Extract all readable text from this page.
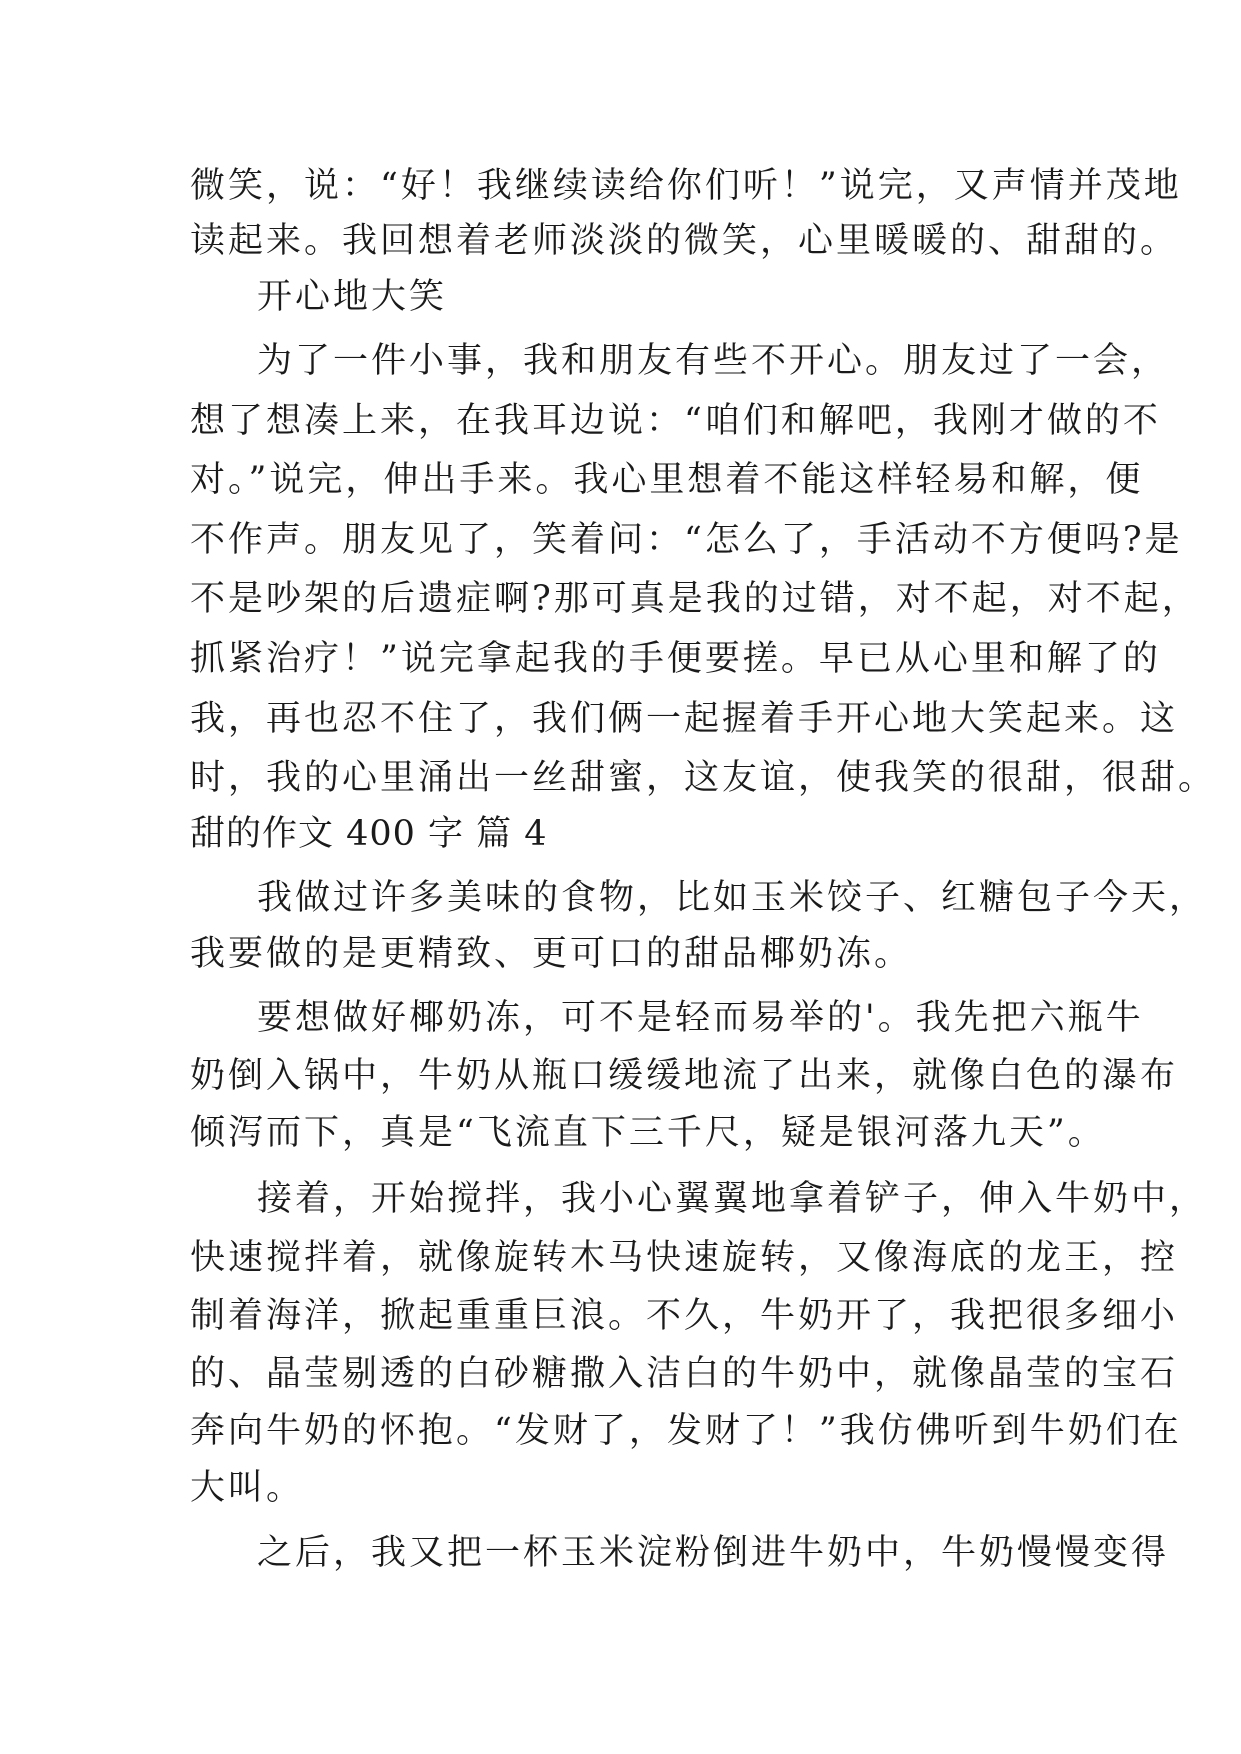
微笑，说：“好！我继续读给你们听！”说完，又声情并茂地
读起来。我回想着老师淡淡的微笑，心里暖暖的、甜甜的。
开心地大笑
为了一件小事，我和朋友有些不开心。朋友过了一会，
想了想凑上来，在我耳边说：“咱们和解吧，我刚才做的不
对。”说完，伸出手来。我心里想着不能这样轻易和解，便
不作声。朋友见了，笑着问：“怎么了，手活动不方便吗?是
不是吵架的后遗症啊?那可真是我的过错，对不起，对不起，
抓紧治疗！”说完拿起我的手便要搓。早已从心里和解了的
我，再也忍不住了，我们俩一起握着手开心地大笑起来。这
时，我的心里涌出一丝甜蜜，这友谊，使我笑的很甜，很甜。
甜的作文 400 字 篇 4
我做过许多美味的食物，比如玉米饺子、红糖包子今天，
我要做的是更精致、更可口的甜品椰奶冻。
要想做好椰奶冻，可不是轻而易举的'。我先把六瓶牛
奶倒入锅中，牛奶从瓶口缓缓地流了出来，就像白色的瀑布
倾泻而下，真是“飞流直下三千尺，疑是银河落九天”。
接着，开始搅拌，我小心翼翼地拿着铲子，伸入牛奶中，
快速搅拌着，就像旋转木马快速旋转，又像海底的龙王，控
制着海洋，掀起重重巨浪。不久，牛奶开了，我把很多细小
的、晶莹剔透的白砂糖撒入洁白的牛奶中，就像晶莹的宝石
奔向牛奶的怀抱。“发财了，发财了！”我仿佛听到牛奶们在
大叫。
之后，我又把一杯玉米淀粉倒进牛奶中，牛奶慢慢变得
